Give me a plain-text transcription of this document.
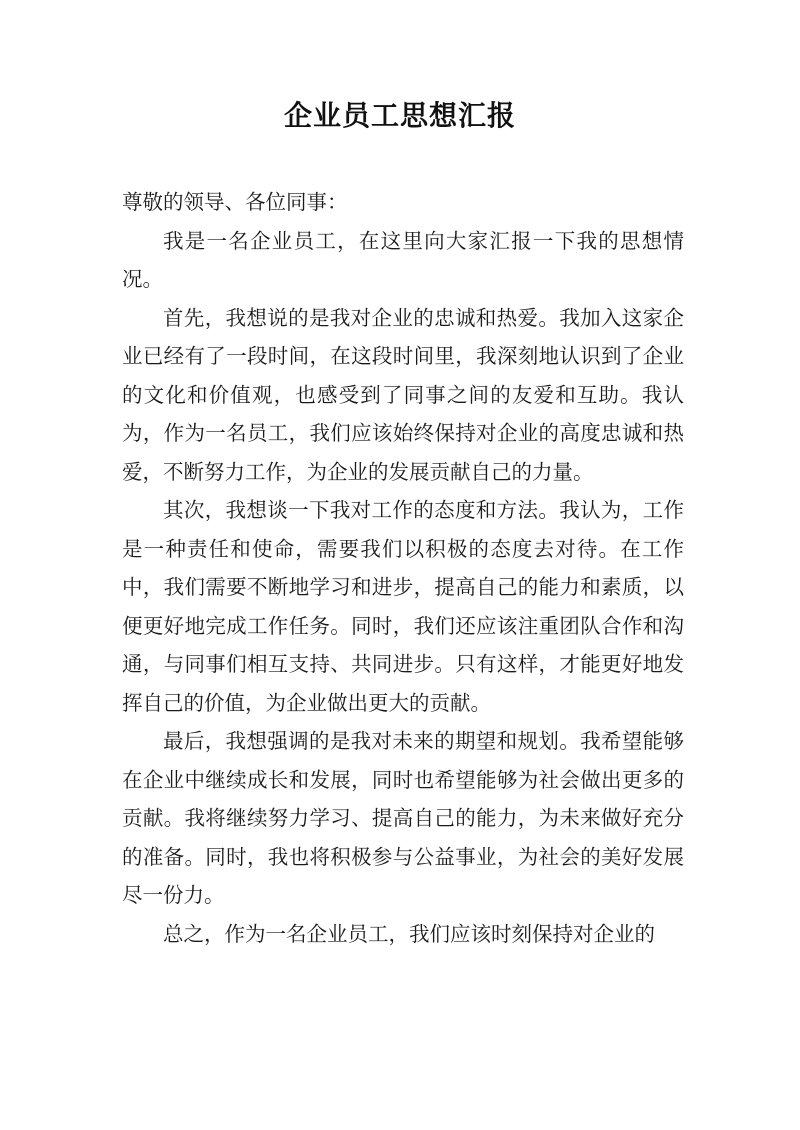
企业员工思想汇报

尊敬的领导、各位同事：

我是一名企业员工，在这里向大家汇报一下我的思想情况。

首先，我想说的是我对企业的忠诚和热爱。我加入这家企业已经有了一段时间，在这段时间里，我深刻地认识到了企业的文化和价值观，也感受到了同事之间的友爱和互助。我认为，作为一名员工，我们应该始终保持对企业的高度忠诚和热爱，不断努力工作，为企业的发展贡献自己的力量。

其次，我想谈一下我对工作的态度和方法。我认为，工作是一种责任和使命，需要我们以积极的态度去对待。在工作中，我们需要不断地学习和进步，提高自己的能力和素质，以便更好地完成工作任务。同时，我们还应该注重团队合作和沟通，与同事们相互支持、共同进步。只有这样，才能更好地发挥自己的价值，为企业做出更大的贡献。

最后，我想强调的是我对未来的期望和规划。我希望能够在企业中继续成长和发展，同时也希望能够为社会做出更多的贡献。我将继续努力学习、提高自己的能力，为未来做好充分的准备。同时，我也将积极参与公益事业，为社会的美好发展尽一份力。

总之，作为一名企业员工，我们应该时刻保持对企业的
